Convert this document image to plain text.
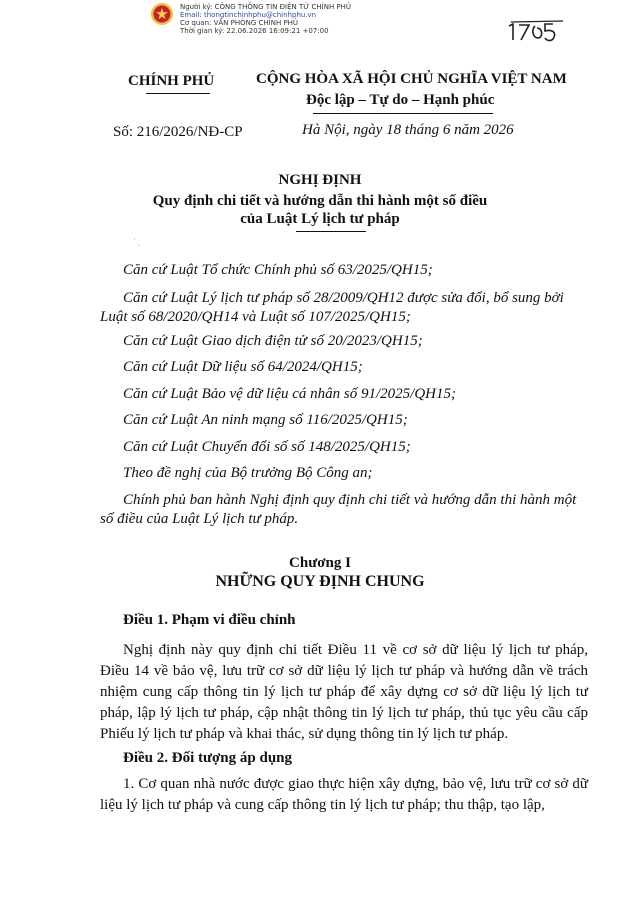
Người ký: CÔNG THÔNG TIN ĐIỆN TỬ CHÍNH PHỦ
Email: thongtinchinhphu@chinhphu.vn
Cơ quan: VĂN PHÒNG CHÍNH PHỦ
Thời gian ký: 22.06.2026 16:09:21 +07:00
CHÍNH PHỦ	CỘNG HÒA XÃ HỘI CHỦ NGHĨA VIỆT NAM
Độc lập – Tự do – Hạnh phúc
Số: 216/2026/NĐ-CP	Hà Nội, ngày 18 tháng 6 năm 2026
NGHỊ ĐỊNH
Quy định chi tiết và hướng dẫn thi hành một số điều
của Luật Lý lịch tư pháp
ˈ ˌ
Căn cứ Luật Tổ chức Chính phủ số 63/2025/QH15;
Căn cứ Luật Lý lịch tư pháp số 28/2009/QH12 được sửa đổi, bổ sung bởi Luật số 68/2020/QH14 và Luật số 107/2025/QH15;
Căn cứ Luật Giao dịch điện tử số 20/2023/QH15;
Căn cứ Luật Dữ liệu số 64/2024/QH15;
Căn cứ Luật Bảo vệ dữ liệu cá nhân số 91/2025/QH15;
Căn cứ Luật An ninh mạng số 116/2025/QH15;
Căn cứ Luật Chuyển đổi số số 148/2025/QH15;
Theo đề nghị của Bộ trưởng Bộ Công an;
Chính phủ ban hành Nghị định quy định chi tiết và hướng dẫn thi hành một số điều của Luật Lý lịch tư pháp.
Chương I
NHỮNG QUY ĐỊNH CHUNG
Điều 1. Phạm vi điều chỉnh
Nghị định này quy định chi tiết Điều 11 về cơ sở dữ liệu lý lịch tư pháp, Điều 14 về bảo vệ, lưu trữ cơ sở dữ liệu lý lịch tư pháp và hướng dẫn về trách nhiệm cung cấp thông tin lý lịch tư pháp để xây dựng cơ sở dữ liệu lý lịch tư pháp, lập lý lịch tư pháp, cập nhật thông tin lý lịch tư pháp, thủ tục yêu cầu cấp Phiếu lý lịch tư pháp và khai thác, sử dụng thông tin lý lịch tư pháp.
Điều 2. Đối tượng áp dụng
1. Cơ quan nhà nước được giao thực hiện xây dựng, bảo vệ, lưu trữ cơ sở dữ liệu lý lịch tư pháp và cung cấp thông tin lý lịch tư pháp; thu thập, tạo lập,
